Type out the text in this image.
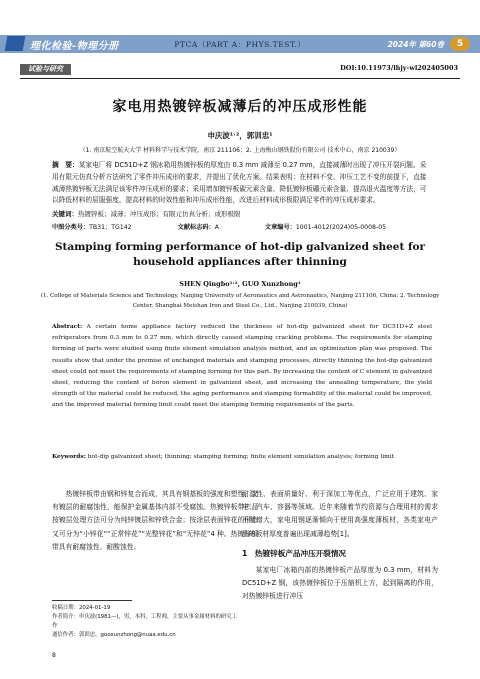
理化检验-物理分册	PTCA（PART A：PHYS.TEST.）	2024年 第60卷	5
试验与研究	DOI:10.11973/lhjy-wl202405003
家电用热镀锌板减薄后的冲压成形性能
申庆波¹˒²，郭训忠¹
（1. 南京航空航天大学 材料科学与技术学院，南京 211106；2. 上海梅山钢铁股份有限公司 技术中心，南京 210039）
摘　要：某家电厂将 DC51D+Z 钢冰箱用热镀锌板的厚度由 0.3 mm 减薄至 0.27 mm，直接减薄时出现了冲压开裂问题。采用有限元仿真分析方法研究了零件冲压成形的要求，并提出了优化方案。结果表明：在材料不变、冲压工艺不变的前提下，直接减薄热镀锌板无法满足该零件冲压成形的要求；采用增加镀锌板碳元素含量、降低镀锌板硼元素含量、提高退火温度等方法，可以降低材料的屈服强度，提高材料的时效性能和冲压成形性能，改进后材料成形极限满足零件的冲压成形要求。
关键词：热镀锌板；减薄；冲压成形；有限元仿真分析；成形极限
中图分类号：TB31；TG142	文献标志码：A	文章编号：1001-4012(2024)05-0008-05
Stamping forming performance of hot-dip galvanized sheet for household appliances after thinning
SHEN Qingbo¹˒², GUO Xunzhong¹
(1. College of Materials Science and Technology, Nanjing University of Aeronautics and Astronautics, Nanjing 211106, China; 2. Technology Center, Shanghai Meishan Iron and Steel Co., Ltd., Nanjing 210039, China)
Abstract: A certain home appliance factory reduced the thickness of hot-dip galvanized sheet for DC51D+Z steel refrigerators from 0.3 mm to 0.27 mm, which directly caused stamping cracking problems. The requirements for stamping forming of parts were studied using finite element simulation analysis method, and an optimization plan was proposed. The results show that under the premise of unchanged materials and stamping processes, directly thinning the hot-dip galvanized sheet could not meet the requirements of stamping forming for this part. By increasing the content of C element in galvanized sheet, reducing the content of boron element in galvanized sheet, and increasing the annealing temperature, the yield strength of the material could be reduced, the aging performance and stamping formability of the material could be improved, and the improved material forming limit could meet the stamping forming requirements of the parts.
Keywords: hot-dip galvanized sheet; thinning; stamping forming; finite element simulation analysis; forming limit

热镀锌板带由钢和锌复合而成，其具有钢基板的强度和塑性，又有镀层的耐腐蚀性，能保护金属基体内部不受腐蚀。热镀锌板带产品按镀层处理方法可分为纯锌镀层和锌铁合金；按涂层表面锌花的形态又可分为“小锌花”“正常锌花”“光整锌花”和“无锌花”4 种。热镀锌板带具有耐腐蚀性、耐酸蚀性、

耐湿性、表面质量好、利于深加工等优点，广泛应用于建筑、家电、汽车、容器等领域。近年来随着节约资源与合理用材的需求不断增大，家电用钢逐渐倾向于使用高强度薄板材，各类家电产品的板材厚度普遍出现减薄趋势[1]。

1　热镀锌板产品冲压开裂情况

某家电厂冰箱内部的热镀锌板产品厚度为 0.3 mm，材料为 DC51D+Z 钢，该热镀锌板位于压缩机上方，起到隔离的作用，对热镀锌板进行冲压

收稿日期：2024-01-19
作者简介：申庆波(1981—)，男，本科，工程师，主要从事金属材料的研究工作
通信作者：郭训忠，guoxunzhong@nuaa.edu.cn
8
